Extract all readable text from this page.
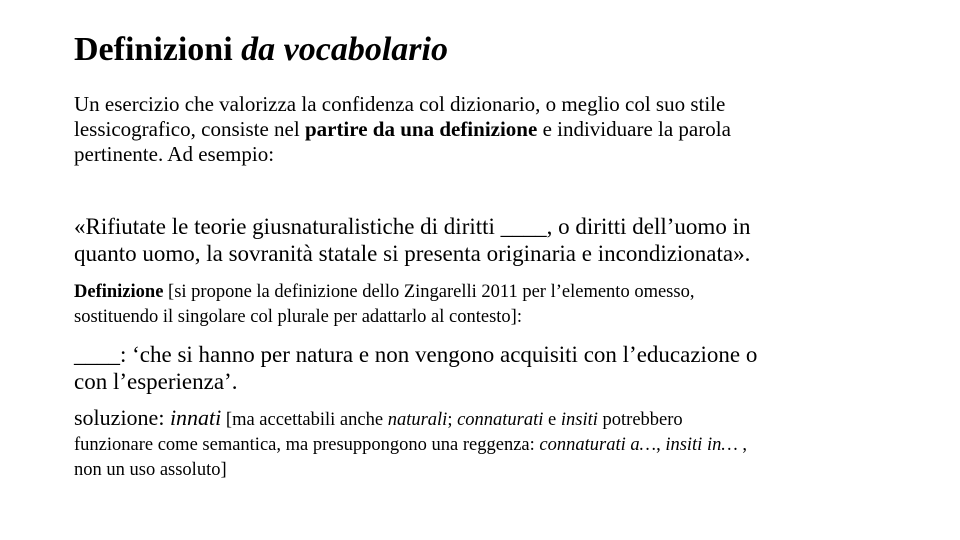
Definizioni da vocabolario
Un esercizio che valorizza la confidenza col dizionario, o meglio col suo stile
lessicografico, consiste nel partire da una definizione e individuare la parola
pertinente. Ad esempio:
«Rifiutate le teorie giusnaturalistiche di diritti ____, o diritti dell’uomo in
quanto uomo, la sovranità statale si presenta originaria e incondizionata».
Definizione [si propone la definizione dello Zingarelli 2011 per l’elemento omesso,
sostituendo il singolare col plurale per adattarlo al contesto]:
____: ‘che si hanno per natura e non vengono acquisiti con l’educazione o
con l’esperienza’.
soluzione: innati [ma accettabili anche naturali; connaturati e insiti potrebbero
funzionare come semantica, ma presuppongono una reggenza: connaturati a…, insiti in… ,
non un uso assoluto]
